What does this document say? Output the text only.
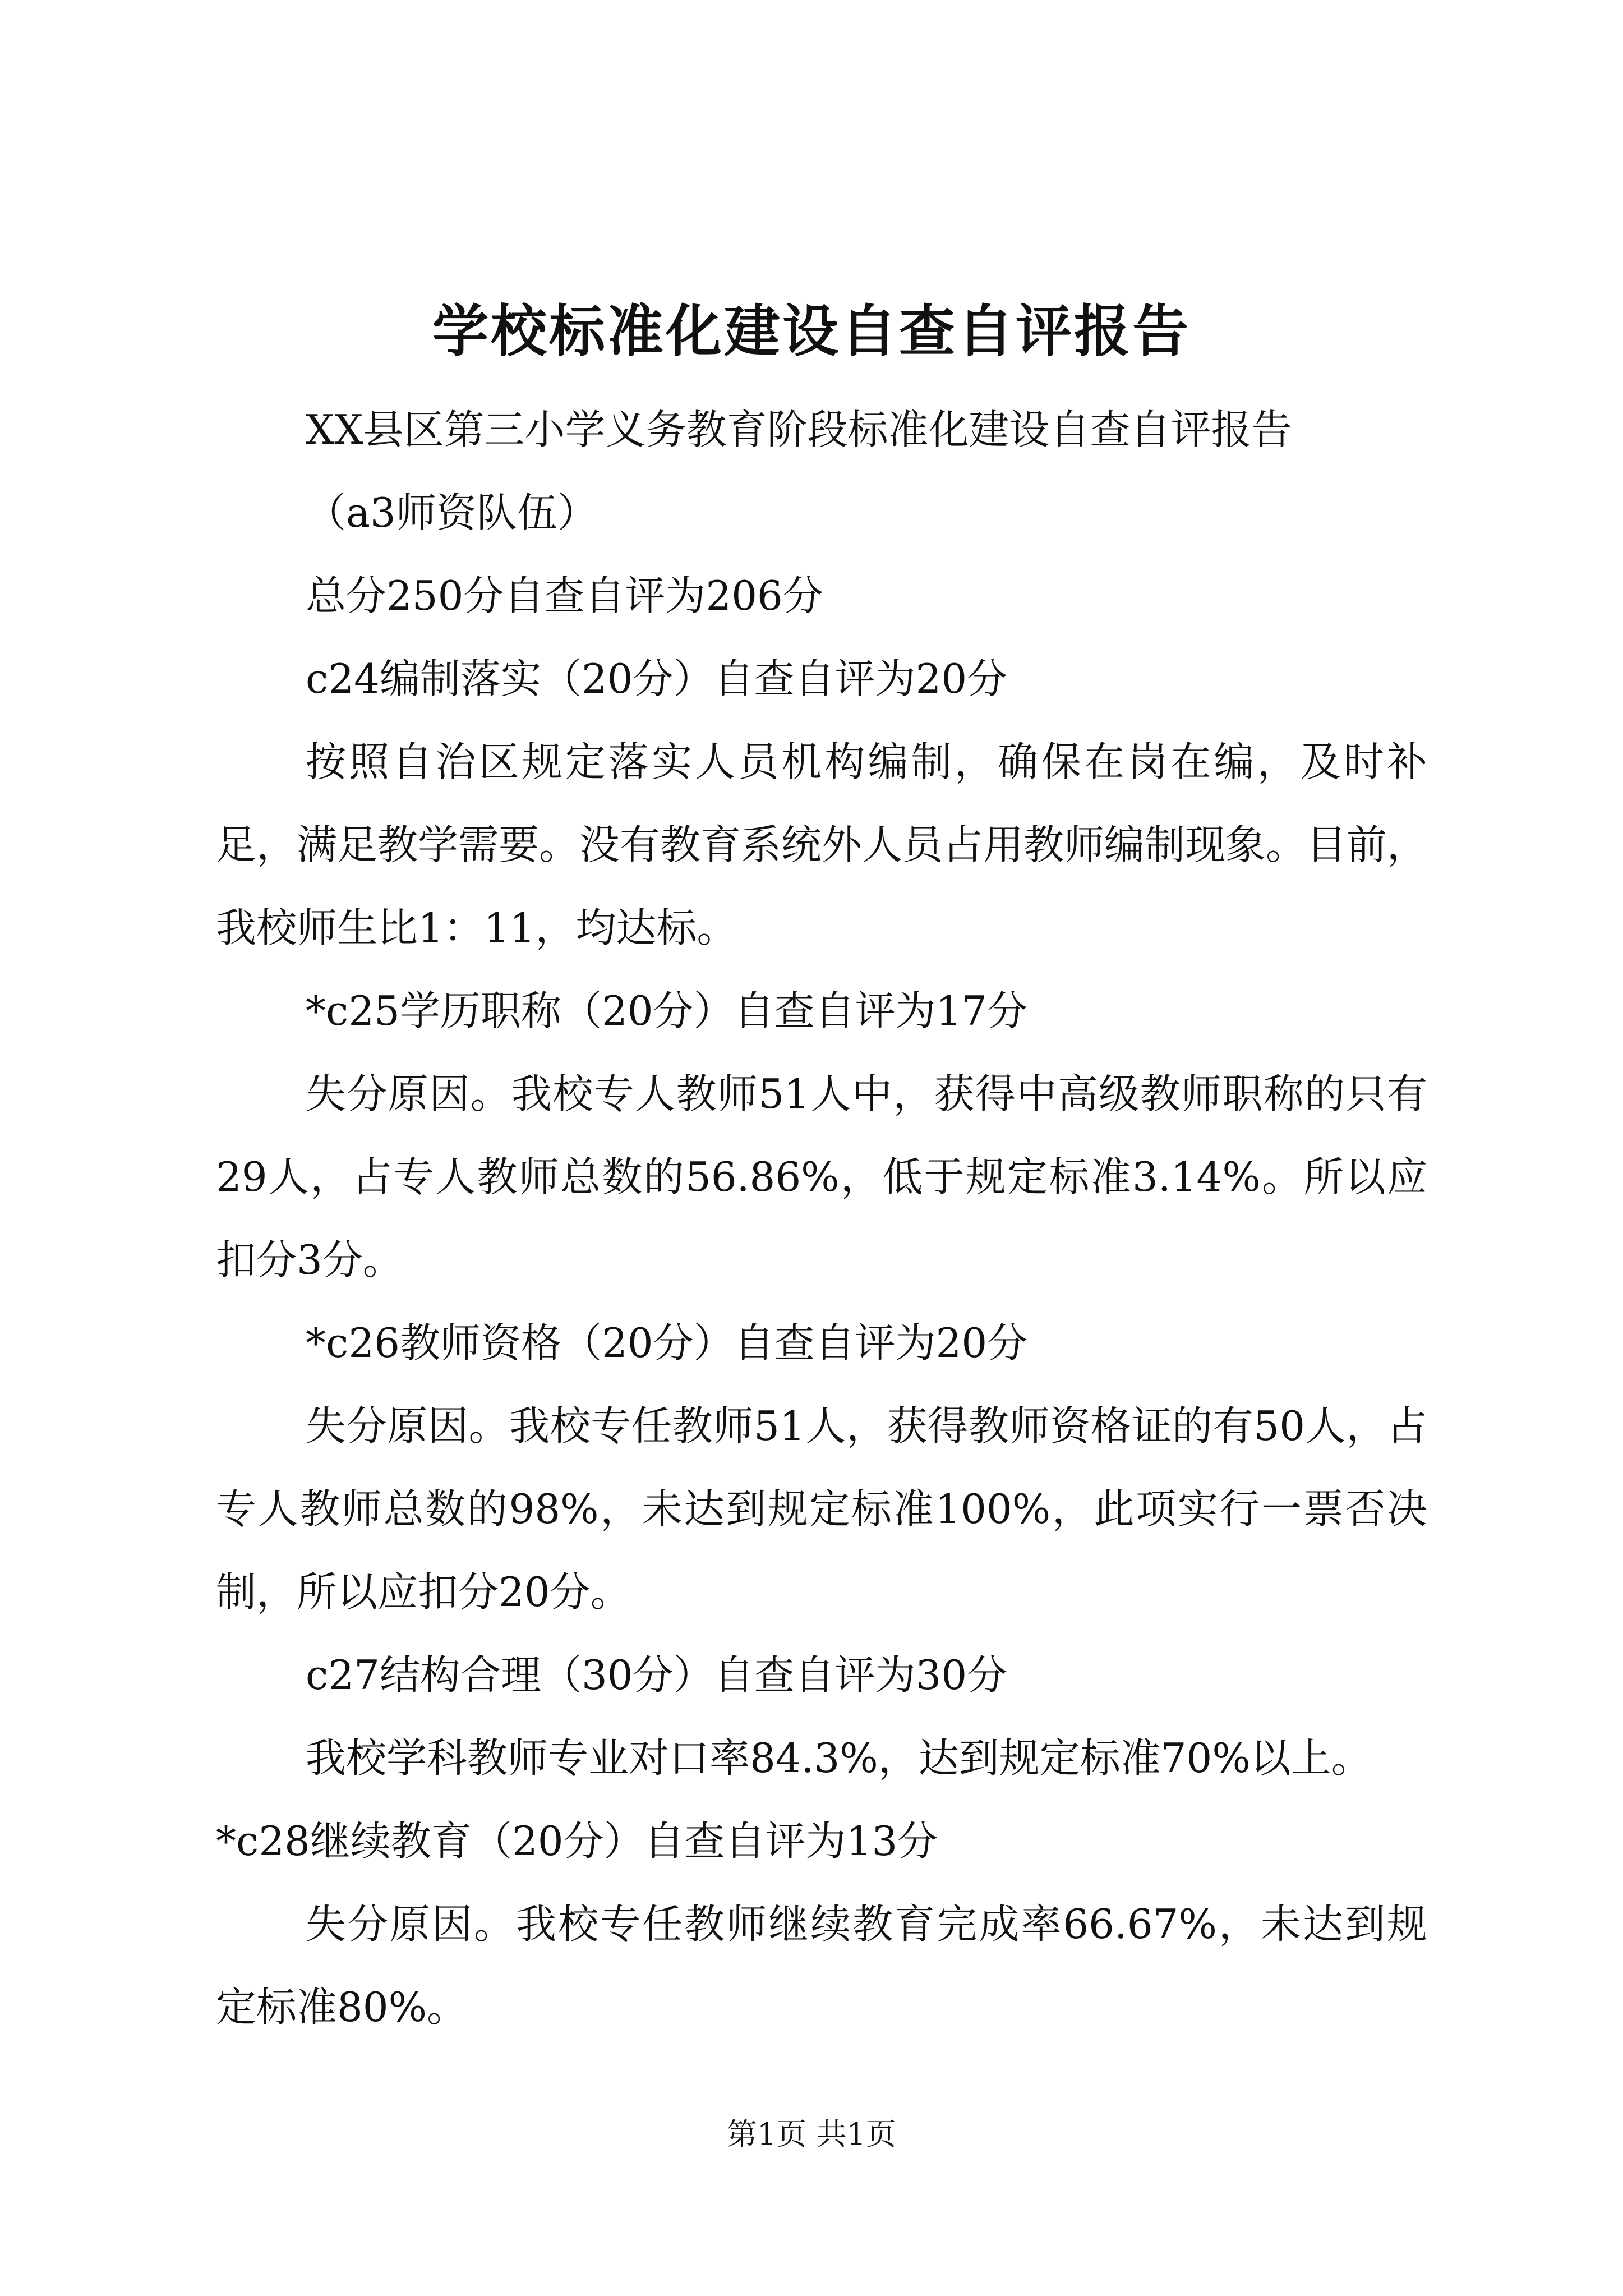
学校标准化建设自查自评报告

XX县区第三小学义务教育阶段标准化建设自查自评报告

（a3师资队伍）

总分250分自查自评为206分

c24编制落实（20分）自查自评为20分

按照自治区规定落实人员机构编制，确保在岗在编，及时补足，满足教学需要。没有教育系统外人员占用教师编制现象。目前，我校师生比1：11，均达标。

*c25学历职称（20分）自查自评为17分

失分原因。我校专人教师51人中，获得中高级教师职称的只有29人，占专人教师总数的56.86%，低于规定标准3.14%。所以应扣分3分。

*c26教师资格（20分）自查自评为20分

失分原因。我校专任教师51人，获得教师资格证的有50人，占专人教师总数的98%，未达到规定标准100%，此项实行一票否决制，所以应扣分20分。

c27结构合理（30分）自查自评为30分

我校学科教师专业对口率84.3%，达到规定标准70%以上。

*c28继续教育（20分）自查自评为13分

失分原因。我校专任教师继续教育完成率66.67%，未达到规定标准80%。

第1页 共1页
